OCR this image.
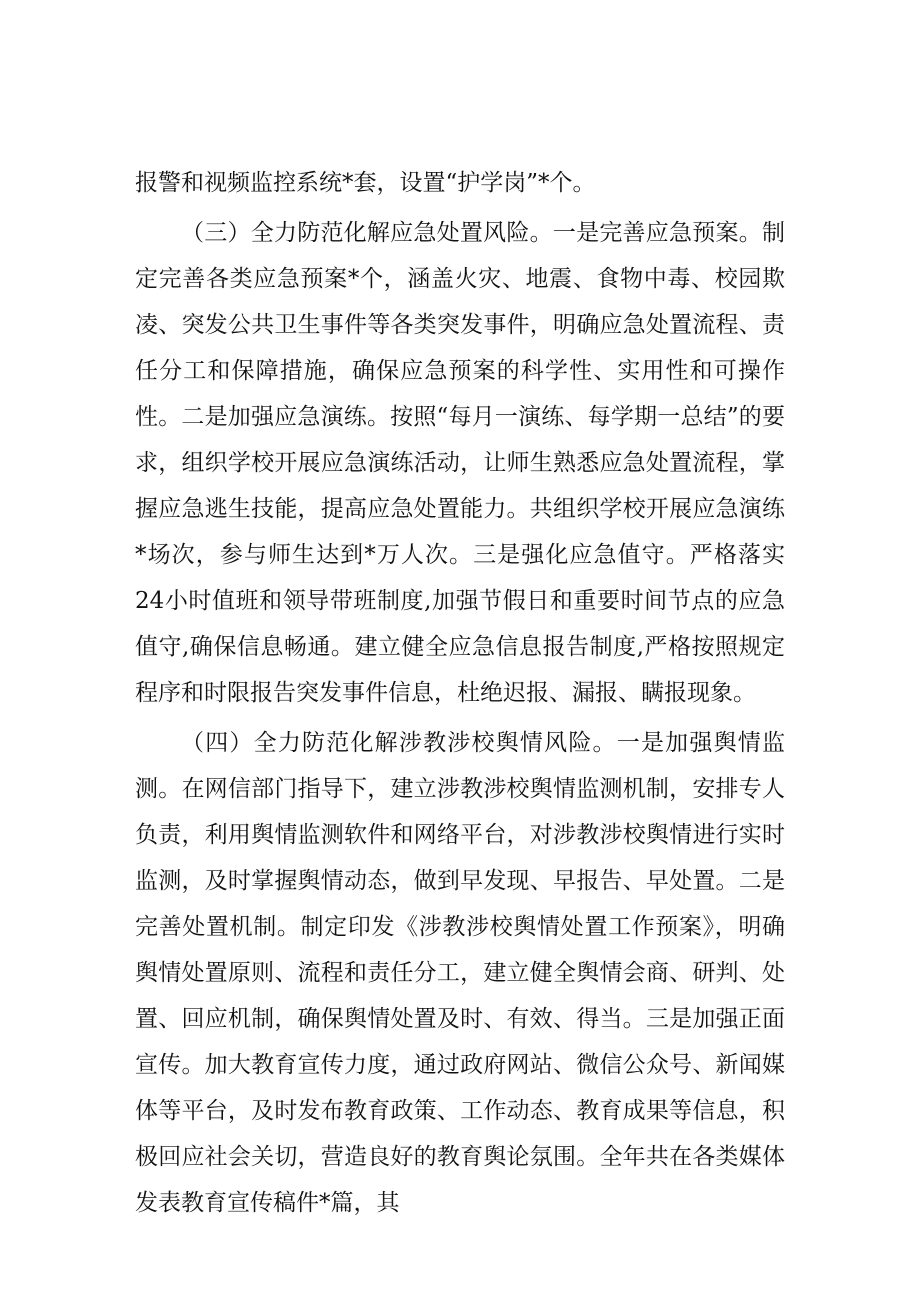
报警和视频监控系统*套，设置“护学岗”*个。

（三）全力防范化解应急处置风险。一是完善应急预案。制定完善各类应急预案*个，涵盖火灾、地震、食物中毒、校园欺凌、突发公共卫生事件等各类突发事件，明确应急处置流程、责任分工和保障措施，确保应急预案的科学性、实用性和可操作性。二是加强应急演练。按照“每月一演练、每学期一总结”的要求，组织学校开展应急演练活动，让师生熟悉应急处置流程，掌握应急逃生技能，提高应急处置能力。共组织学校开展应急演练*场次，参与师生达到*万人次。三是强化应急值守。严格落实24小时值班和领导带班制度,加强节假日和重要时间节点的应急值守,确保信息畅通。建立健全应急信息报告制度,严格按照规定程序和时限报告突发事件信息，杜绝迟报、漏报、瞒报现象。

（四）全力防范化解涉教涉校舆情风险。一是加强舆情监测。在网信部门指导下，建立涉教涉校舆情监测机制，安排专人负责，利用舆情监测软件和网络平台，对涉教涉校舆情进行实时监测，及时掌握舆情动态，做到早发现、早报告、早处置。二是完善处置机制。制定印发《涉教涉校舆情处置工作预案》，明确舆情处置原则、流程和责任分工，建立健全舆情会商、研判、处置、回应机制，确保舆情处置及时、有效、得当。三是加强正面宣传。加大教育宣传力度，通过政府网站、微信公众号、新闻媒体等平台，及时发布教育政策、工作动态、教育成果等信息，积极回应社会关切，营造良好的教育舆论氛围。全年共在各类媒体发表教育宣传稿件*篇，其
